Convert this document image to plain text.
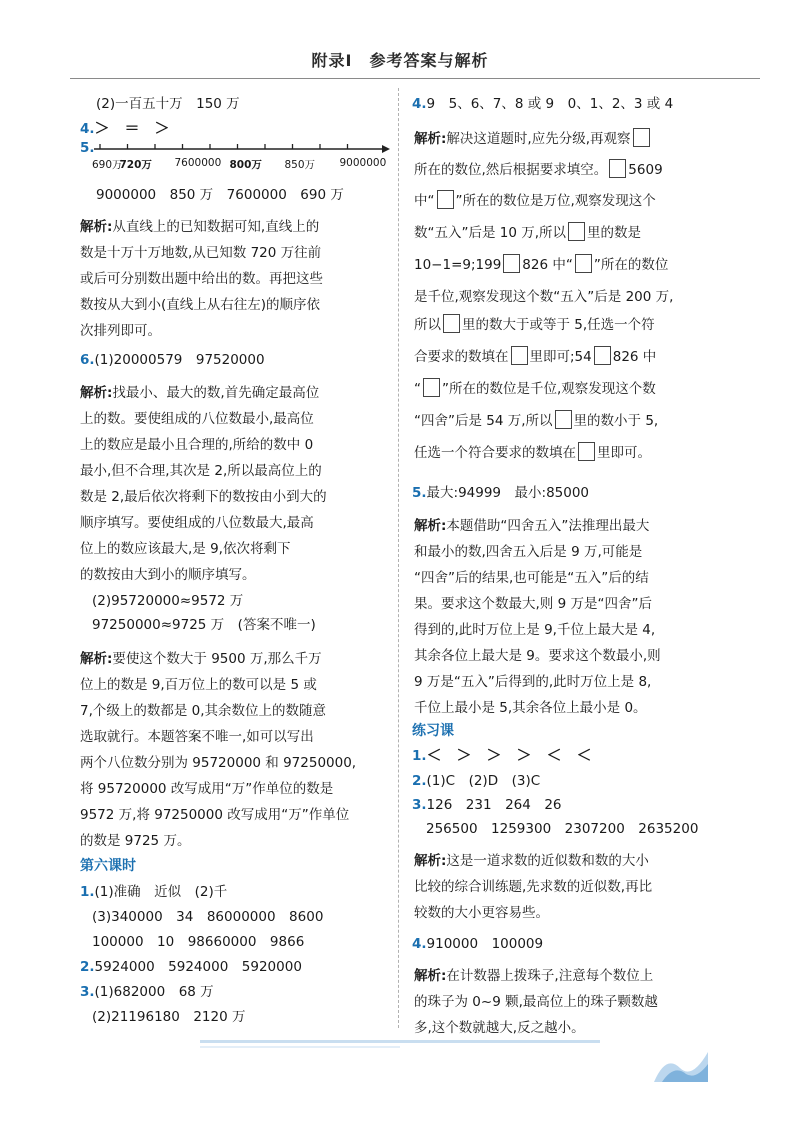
附录Ⅰ　参考答案与解析
(2)一百五十万　150 万
4.＞　＝　＞
5.
690万
720万 7600000 800万 850万 9000000
9000000　850 万　7600000　690 万
解析:从直线上的已知数据可知,直线上的
数是十万十万地数,从已知数 720 万往前
或后可分别数出题中给出的数。再把这些
数按从大到小(直线上从右往左)的顺序依
次排列即可。
6.(1)20000579　97520000
解析:找最小、最大的数,首先确定最高位
上的数。要使组成的八位数最小,最高位
上的数应是最小且合理的,所给的数中 0
最小,但不合理,其次是 2,所以最高位上的
数是 2,最后依次将剩下的数按由小到大的
顺序填写。要使组成的八位数最大,最高
位上的数应该最大,是 9,依次将剩下
的数按由大到小的顺序填写。
(2)95720000≈9572 万
97250000≈9725 万　(答案不唯一)
解析:要使这个数大于 9500 万,那么千万
位上的数是 9,百万位上的数可以是 5 或
7,个级上的数都是 0,其余数位上的数随意
选取就行。本题答案不唯一,如可以写出
两个八位数分别为 95720000 和 97250000,
将 95720000 改写成用“万”作单位的数是
9572 万,将 97250000 改写成用“万”作单位
的数是 9725 万。
第六课时
1.(1)准确　近似　(2)千
(3)340000　34　86000000　8600
100000　10　98660000　9866
2.5924000　5924000　5920000
3.(1)682000　68 万
(2)21196180　2120 万
4.9　5、6、7、8 或 9　0、1、2、3 或 4
解析:解决这道题时,应先分级,再观察
所在的数位,然后根据要求填空。 5609
中“ ”所在的数位是万位,观察发现这个
数“五入”后是 10 万,所以 里的数是
10−1=9;199 826 中“ ”所在的数位
是千位,观察发现这个数“五入”后是 200 万,
所以 里的数大于或等于 5,任选一个符
合要求的数填在 里即可;54 826 中
“ ”所在的数位是千位,观察发现这个数
“四舍”后是 54 万,所以 里的数小于 5,
任选一个符合要求的数填在 里即可。
5.最大:94999　最小:85000
解析:本题借助“四舍五入”法推理出最大
和最小的数,四舍五入后是 9 万,可能是
“四舍”后的结果,也可能是“五入”后的结
果。要求这个数最大,则 9 万是“四舍”后
得到的,此时万位上是 9,千位上最大是 4,
其余各位上最大是 9。要求这个数最小,则
9 万是“五入”后得到的,此时万位上是 8,
千位上最小是 5,其余各位上最小是 0。
练习课
1.＜　＞　＞　＞　＜　＜
2.(1)C　(2)D　(3)C
3.126　231　264　26
256500　1259300　2307200　2635200
解析:这是一道求数的近似数和数的大小
比较的综合训练题,先求数的近似数,再比
较数的大小更容易些。
4.910000　100009
解析:在计数器上拨珠子,注意每个数位上
的珠子为 0~9 颗,最高位上的珠子颗数越
多,这个数就越大,反之越小。
